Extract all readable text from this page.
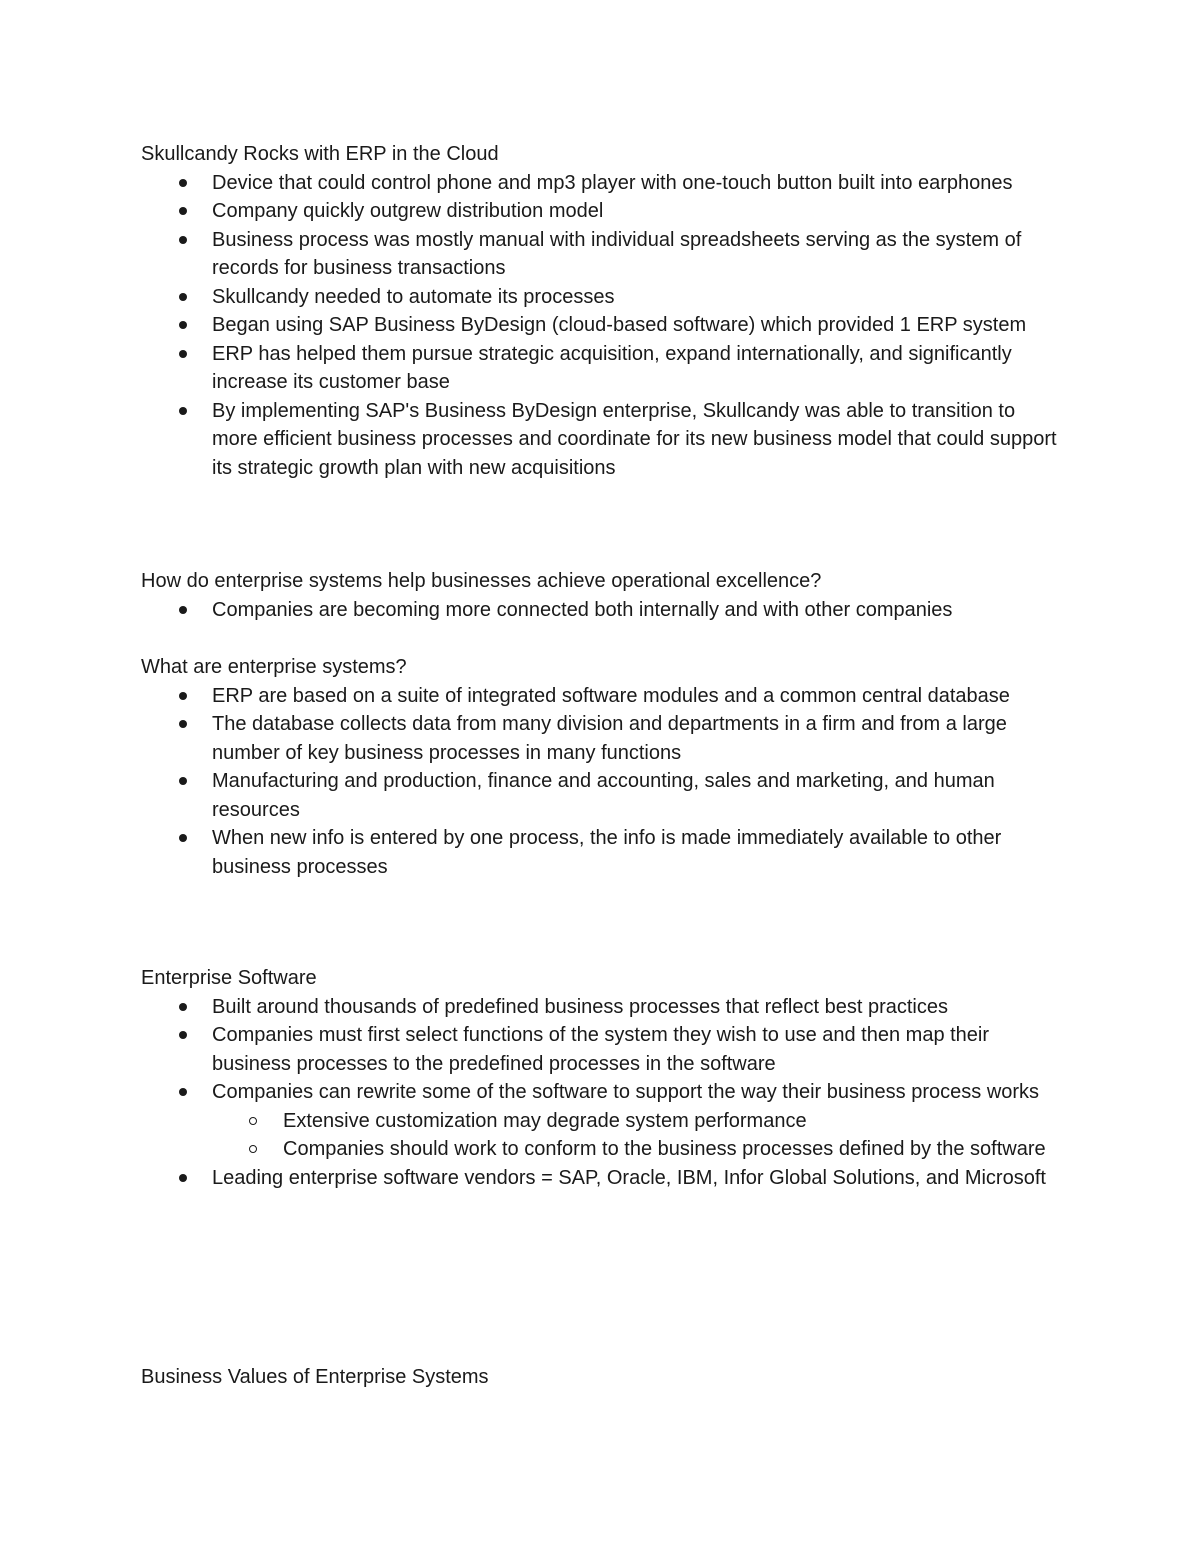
Skullcandy Rocks with ERP in the Cloud

Device that could control phone and mp3 player with one-touch button built into earphones
Company quickly outgrew distribution model
Business process was mostly manual with individual spreadsheets serving as the system of records for business transactions
Skullcandy needed to automate its processes
Began using SAP Business ByDesign (cloud-based software) which provided 1 ERP system
ERP has helped them pursue strategic acquisition, expand internationally, and significantly increase its customer base
By implementing SAP's Business ByDesign enterprise, Skullcandy was able to transition to more efficient business processes and coordinate for its new business model that could support its strategic growth plan with new acquisitions

How do enterprise systems help businesses achieve operational excellence?

Companies are becoming more connected both internally and with other companies

What are enterprise systems?

ERP are based on a suite of integrated software modules and a common central database
The database collects data from many division and departments in a firm and from a large number of key business processes in many functions
Manufacturing and production, finance and accounting, sales and marketing, and human resources
When new info is entered by one process, the info is made immediately available to other business processes

Enterprise Software

Built around thousands of predefined business processes that reflect best practices
Companies must first select functions of the system they wish to use and then map their business processes to the predefined processes in the software
Companies can rewrite some of the software to support the way their business process works
Extensive customization may degrade system performance
Companies should work to conform to the business processes defined by the software
Leading enterprise software vendors = SAP, Oracle, IBM, Infor Global Solutions, and Microsoft

Business Values of Enterprise Systems
